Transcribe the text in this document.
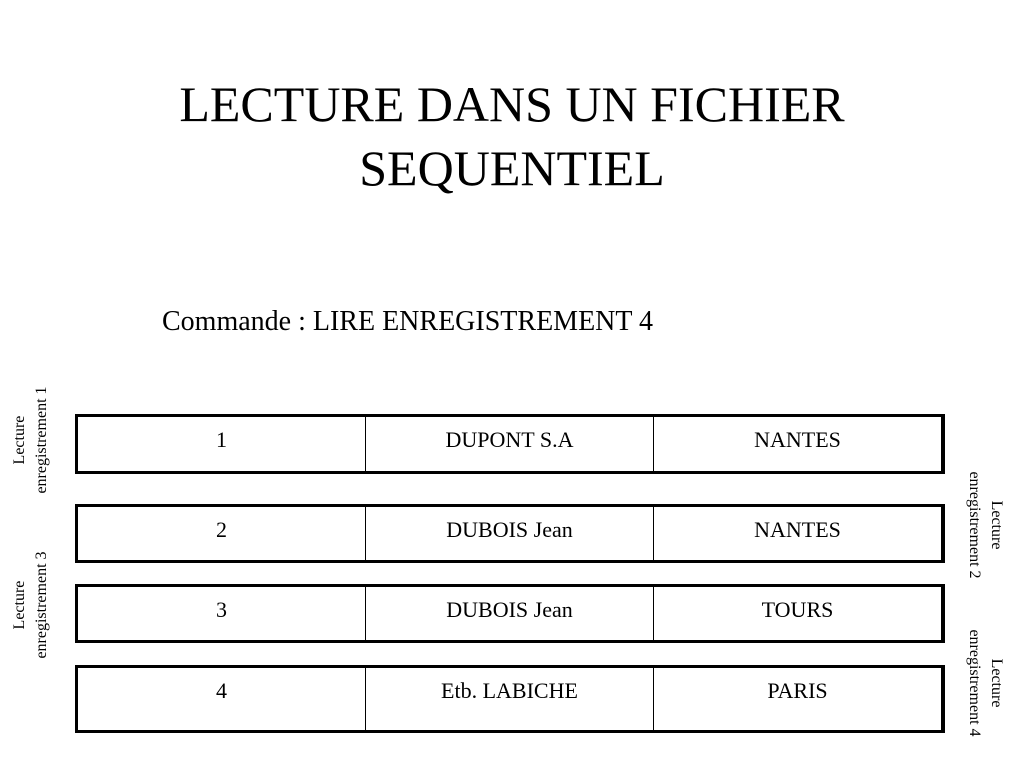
LECTURE DANS UN FICHIER
SEQUENTIEL
Commande : LIRE ENREGISTREMENT 4
1	DUPONT S.A	NANTES
2	DUBOIS Jean	NANTES
3	DUBOIS Jean	TOURS
4	Etb. LABICHE	PARIS
Lecture enregistrement 1
Lecture enregistrement 3
Lecture
enregistrement 2
Lecture
enregistrement 4
